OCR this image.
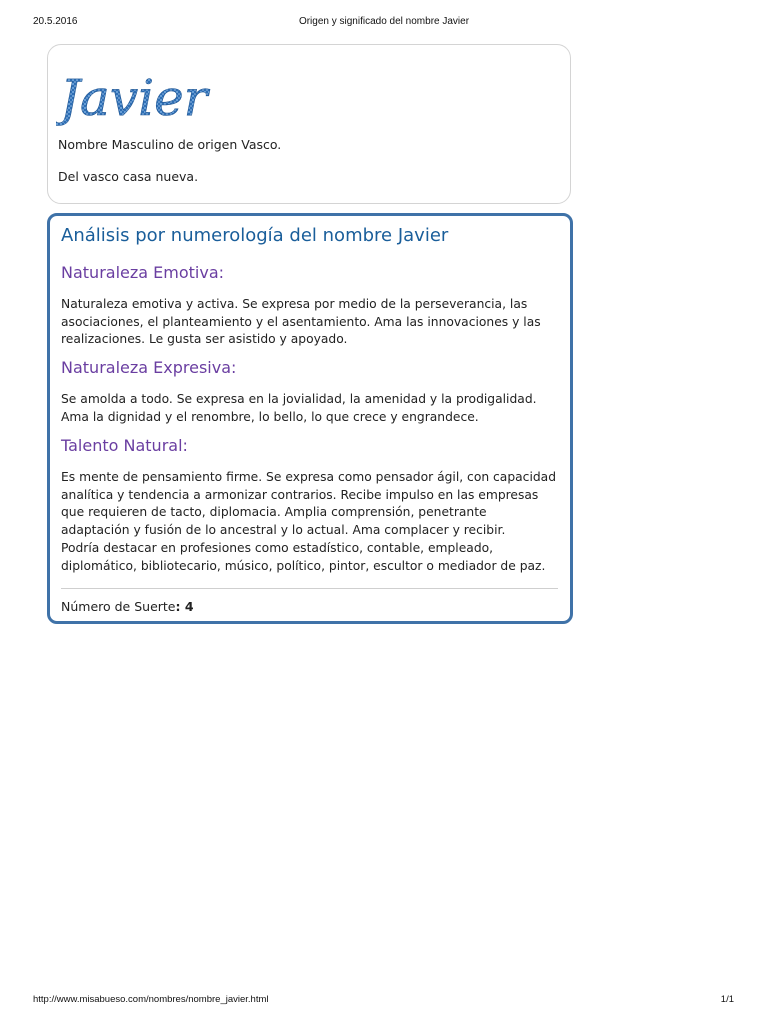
20.5.2016	Origen y significado del nombre Javier
Javier

Nombre Masculino de origen Vasco.

Del vasco casa nueva.

Análisis por numerología del nombre Javier
Naturaleza Emotiva:

Naturaleza emotiva y activa. Se expresa por medio de la perseverancia, las asociaciones, el planteamiento y el asentamiento. Ama las innovaciones y las realizaciones. Le gusta ser asistido y apoyado.

Naturaleza Expresiva:

Se amolda a todo. Se expresa en la jovialidad, la amenidad y la prodigalidad. Ama la dignidad y el renombre, lo bello, lo que crece y engrandece.

Talento Natural:

Es mente de pensamiento firme. Se expresa como pensador ágil, con capacidad analítica y tendencia a armonizar contrarios. Recibe impulso en las empresas que requieren de tacto, diplomacia. Amplia comprensión, penetrante adaptación y fusión de lo ancestral y lo actual. Ama complacer y recibir.

Podría destacar en profesiones como estadístico, contable, empleado, diplomático, bibliotecario, músico, político, pintor, escultor o mediador de paz.

Número de Suerte: 4

http://www.misabueso.com/nombres/nombre_javier.html	1/1
